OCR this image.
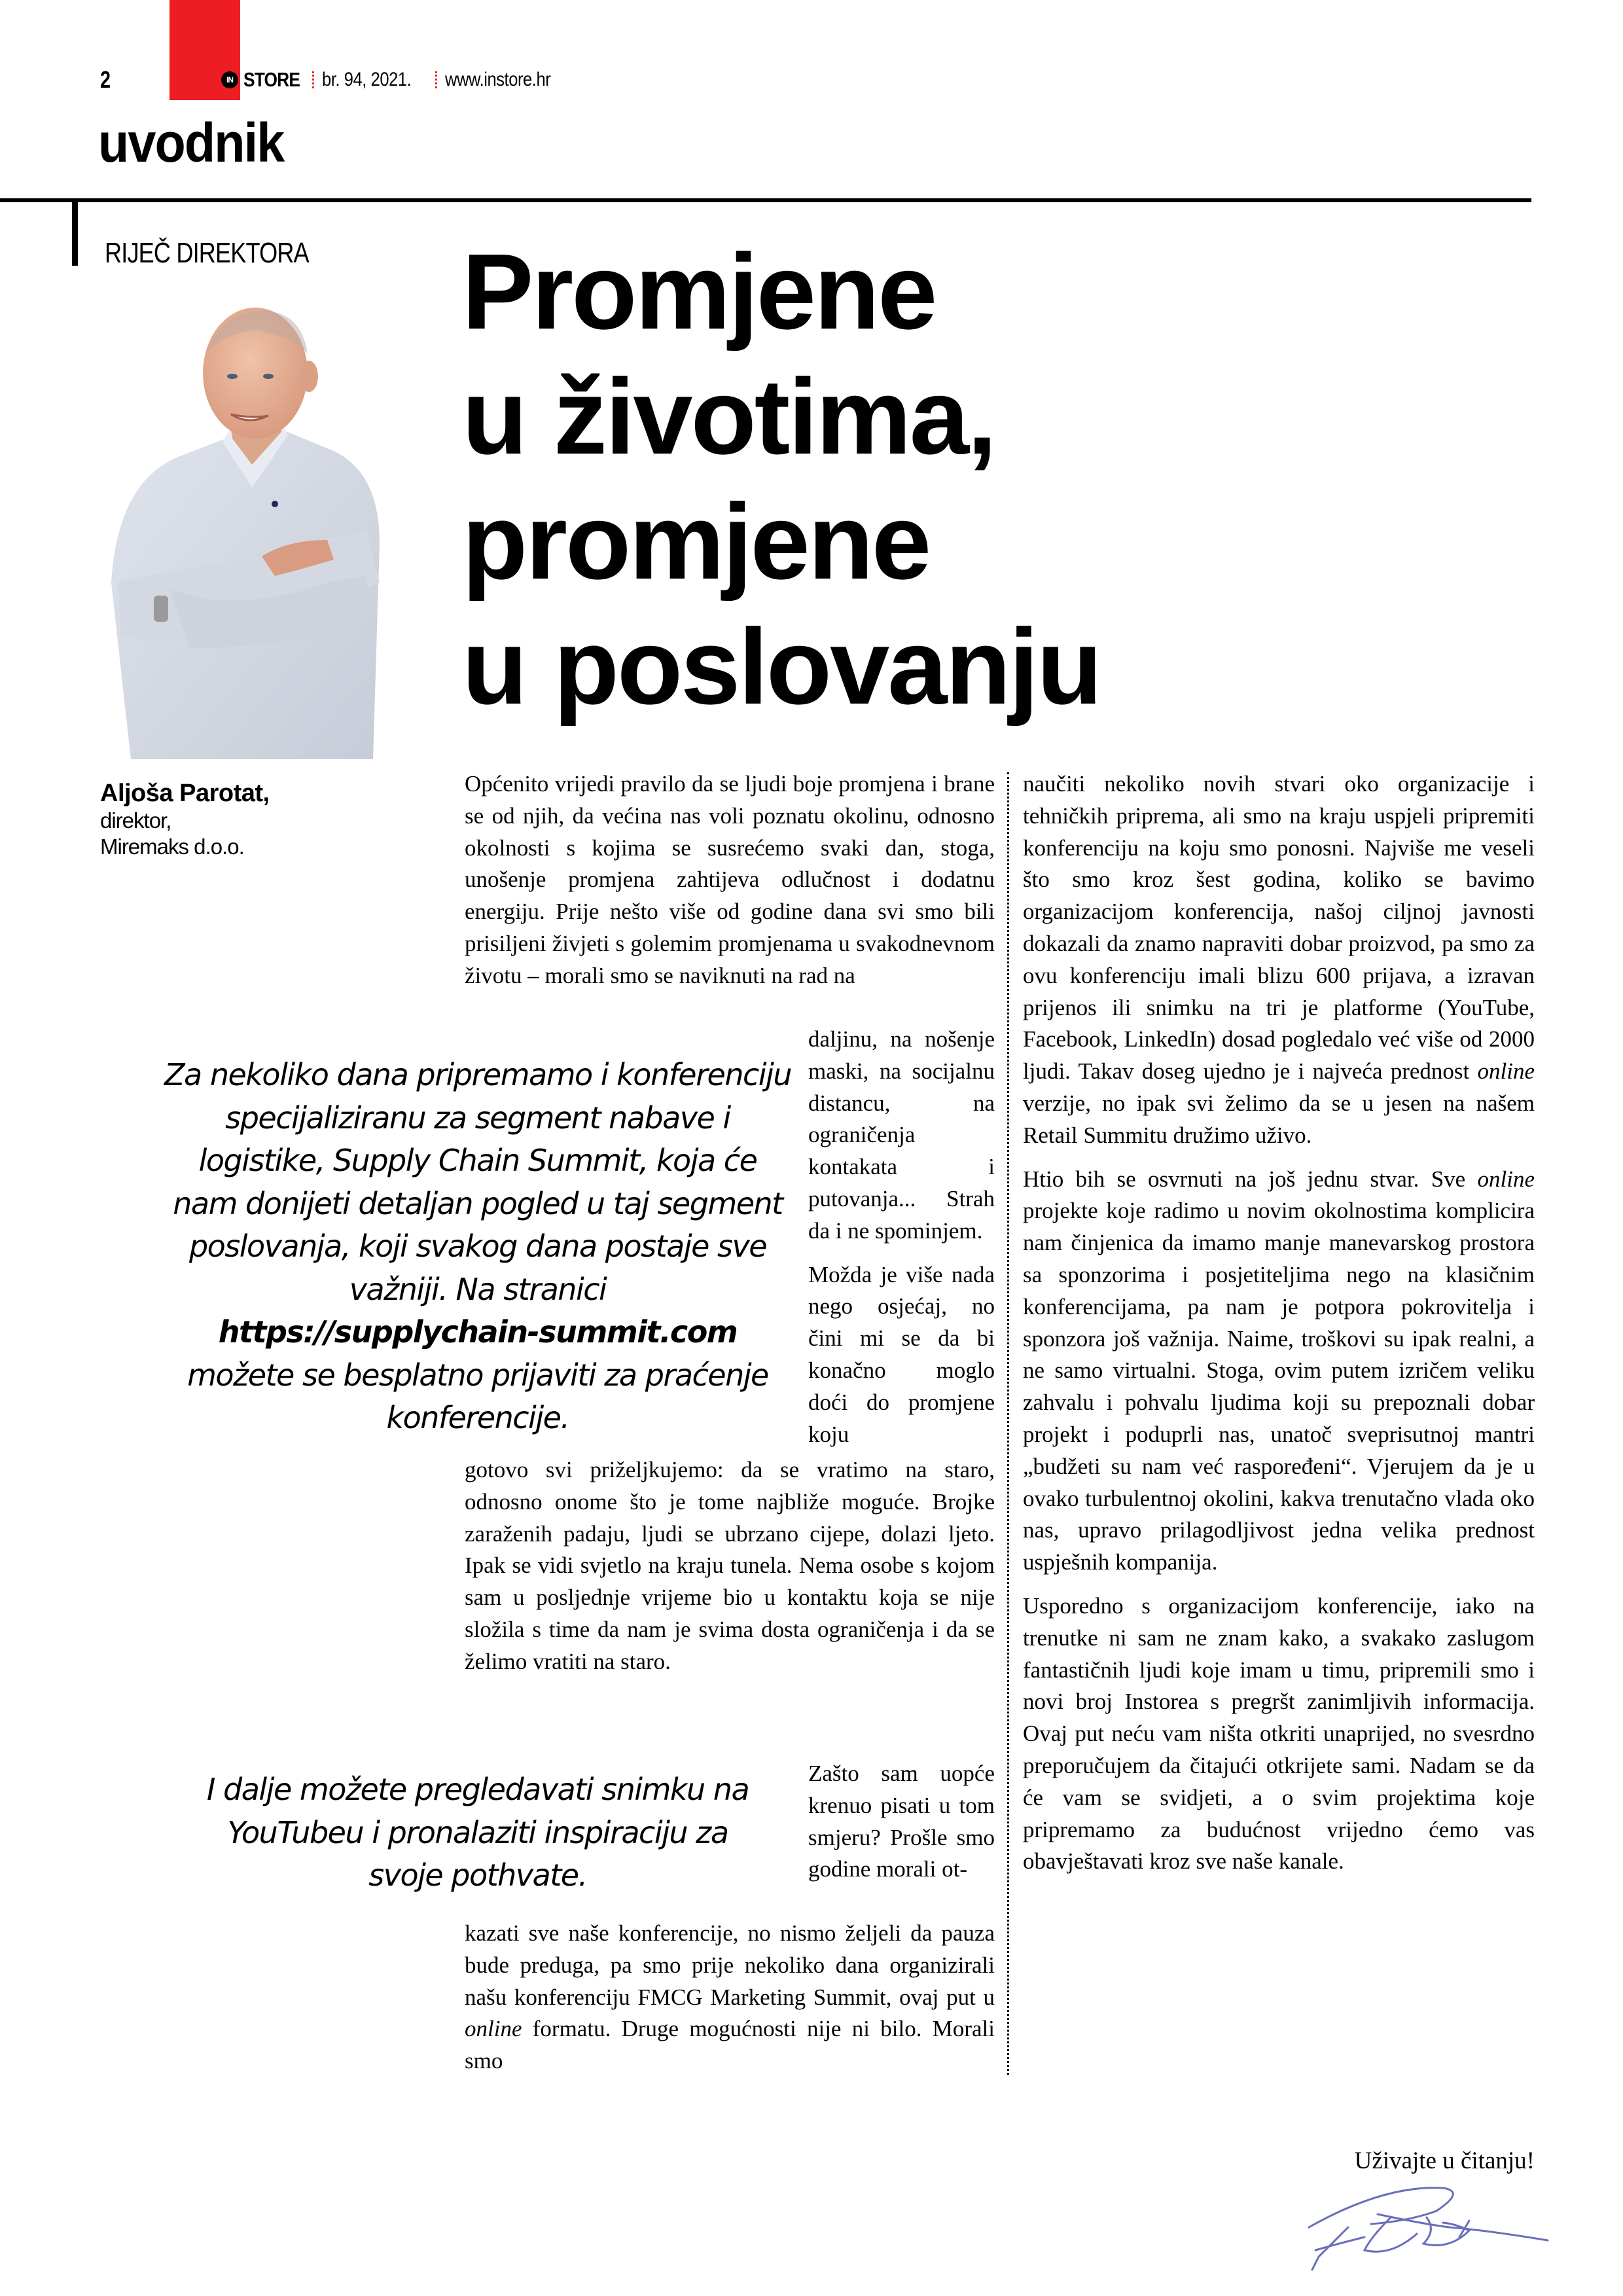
2	IN STORE br. 94, 2021. www.instore.hr
uvodnik
RIJEČ DIREKTORA Promjene
u životima,
promjene
u poslovanju
Aljoša Parotat,
direktor,
Miremaks d.o.o.

Općenito vrijedi pravilo da se ljudi boje promjena i brane se od njih, da većina nas voli poznatu okolinu, odnosno okolnosti s kojima se susrećemo svaki dan, stoga, unošenje promjena zahtijeva odlučnost i dodatnu energiju. Prije nešto više od godine dana svi smo bili prisiljeni živjeti s golemim promjenama u svakodnevnom životu – morali smo se naviknuti na rad na

daljinu, na nošenje maski, na socijalnu distancu, na ograničenja kontakata i putovanja... Strah da i ne spominjem.

Možda je više nada nego osjećaj, no čini mi se da bi konačno moglo doći do promjene koju

gotovo svi priželjkujemo: da se vratimo na staro, odnosno onome što je tome najbliže moguće. Brojke zaraženih padaju, ljudi se ubrzano cijepe, dolazi ljeto. Ipak se vidi svjetlo na kraju tunela. Nema osobe s kojom sam u posljednje vrijeme bio u kontaktu koja se nije složila s time da nam je svima dosta ograničenja i da se želimo vratiti na staro.

Zašto sam uopće krenuo pisati u tom smjeru? Prošle smo godine morali ot-

kazati sve naše konferencije, no nismo željeli da pauza bude preduga, pa smo prije nekoliko dana organizirali našu konferenciju FMCG Marketing Summit, ovaj put u online formatu. Druge mogućnosti nije ni bilo. Morali smo

naučiti nekoliko novih stvari oko organizacije i tehničkih priprema, ali smo na kraju uspjeli pripremiti konferenciju na koju smo ponosni. Najviše me veseli što smo kroz šest godina, koliko se bavimo organizacijom konferencija, našoj ciljnoj javnosti dokazali da znamo napraviti dobar proizvod, pa smo za ovu konferenciju imali blizu 600 prijava, a izravan prijenos ili snimku na tri je platforme (YouTube, Facebook, LinkedIn) dosad pogledalo već više od 2000 ljudi. Takav doseg ujedno je i najveća prednost online verzije, no ipak svi želimo da se u jesen na našem Retail Summitu družimo uživo.

Htio bih se osvrnuti na još jednu stvar. Sve online projekte koje radimo u novim okolnostima komplicira nam činjenica da imamo manje manevarskog prostora sa sponzorima i posjetiteljima nego na klasičnim konferencijama, pa nam je potpora pokrovitelja i sponzora još važnija. Naime, troškovi su ipak realni, a ne samo virtualni. Stoga, ovim putem izričem veliku zahvalu i pohvalu ljudima koji su prepoznali dobar projekt i poduprli nas, unatoč sveprisutnoj mantri „budžeti su nam već raspoređeni“. Vjerujem da je u ovako turbulentnoj okolini, kakva trenutačno vlada oko nas, upravo prilagodljivost jedna velika prednost uspješnih kompanija.

Usporedno s organizacijom konferencije, iako na trenutke ni sam ne znam kako, a svakako zaslugom fantastičnih ljudi koje imam u timu, pripremili smo i novi broj Instorea s pregršt zanimljivih informacija. Ovaj put neću vam ništa otkriti unaprijed, no svesrdno preporučujem da čitajući otkrijete sami. Nadam se da će vam se svidjeti, a o svim projektima koje pripremamo za budućnost vrijedno ćemo vas obavještavati kroz sve naše kanale.

Za nekoliko dana pripremamo i konferenciju specijaliziranu za segment nabave i logistike, Supply Chain Summit, koja će nam donijeti detaljan pogled u taj segment poslovanja, koji svakog dana postaje sve važniji. Na stranici
https://supplychain-summit.com
možete se besplatno prijaviti za praćenje konferencije.
I dalje možete pregledavati snimku na YouTubeu i pronalaziti inspiraciju za svoje pothvate.
Uživajte u čitanju!
